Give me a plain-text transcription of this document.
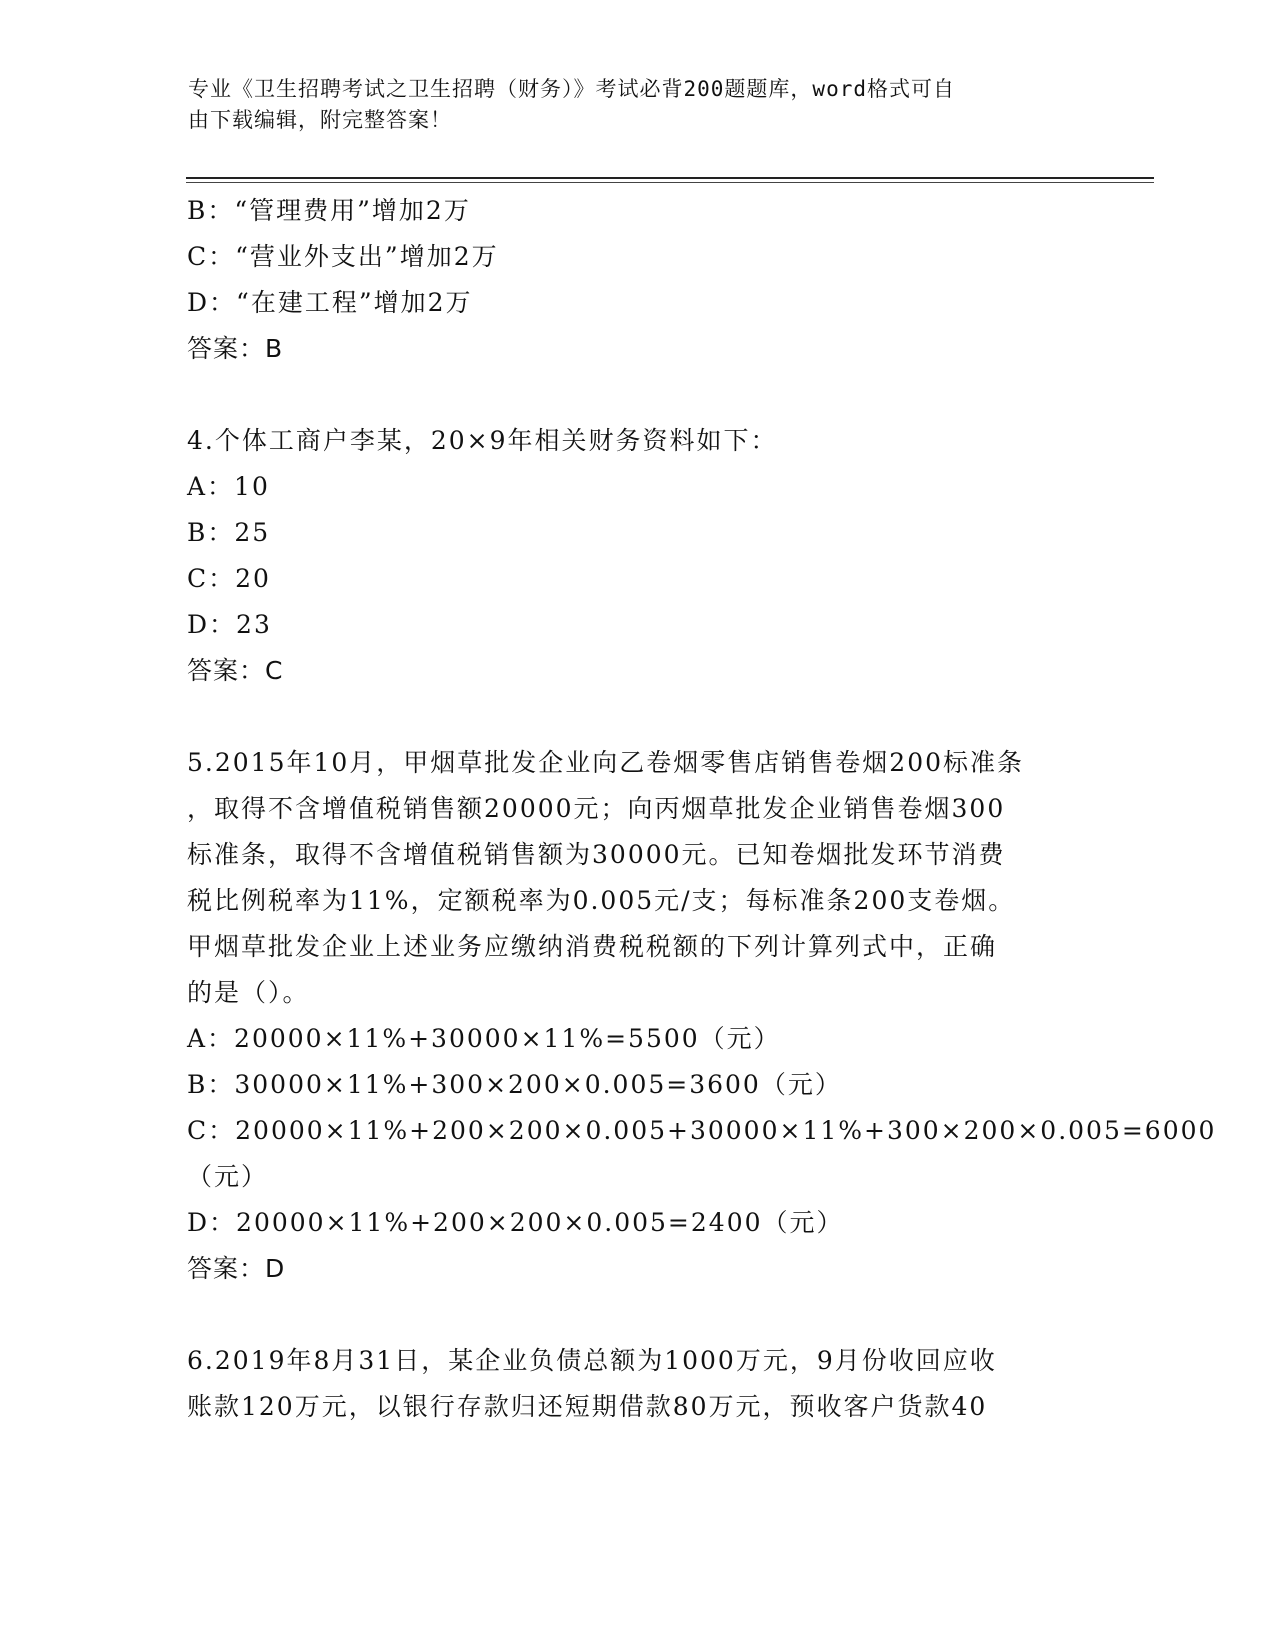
专业《卫生招聘考试之卫生招聘（财务）》考试必背200题题库，word格式可自
由下载编辑，附完整答案！
B：“管理费用”增加2万
C：“营业外支出”增加2万
D：“在建工程”增加2万
答案：B
4.个体工商户李某，20×9年相关财务资料如下：
A：10
B：25
C：20
D：23
答案：C
5.2015年10月，甲烟草批发企业向乙卷烟零售店销售卷烟200标准条
，取得不含增值税销售额20000元；向丙烟草批发企业销售卷烟300
标准条，取得不含增值税销售额为30000元。已知卷烟批发环节消费
税比例税率为11%，定额税率为0.005元/支；每标准条200支卷烟。
甲烟草批发企业上述业务应缴纳消费税税额的下列计算列式中，正确
的是（）。
A：20000×11%+30000×11%=5500（元）
B：30000×11%+300×200×0.005=3600（元）
C：20000×11%+200×200×0.005+30000×11%+300×200×0.005=6000
（元）
D：20000×11%+200×200×0.005=2400（元）
答案：D
6.2019年8月31日，某企业负债总额为1000万元，9月份收回应收
账款120万元，以银行存款归还短期借款80万元，预收客户货款40
